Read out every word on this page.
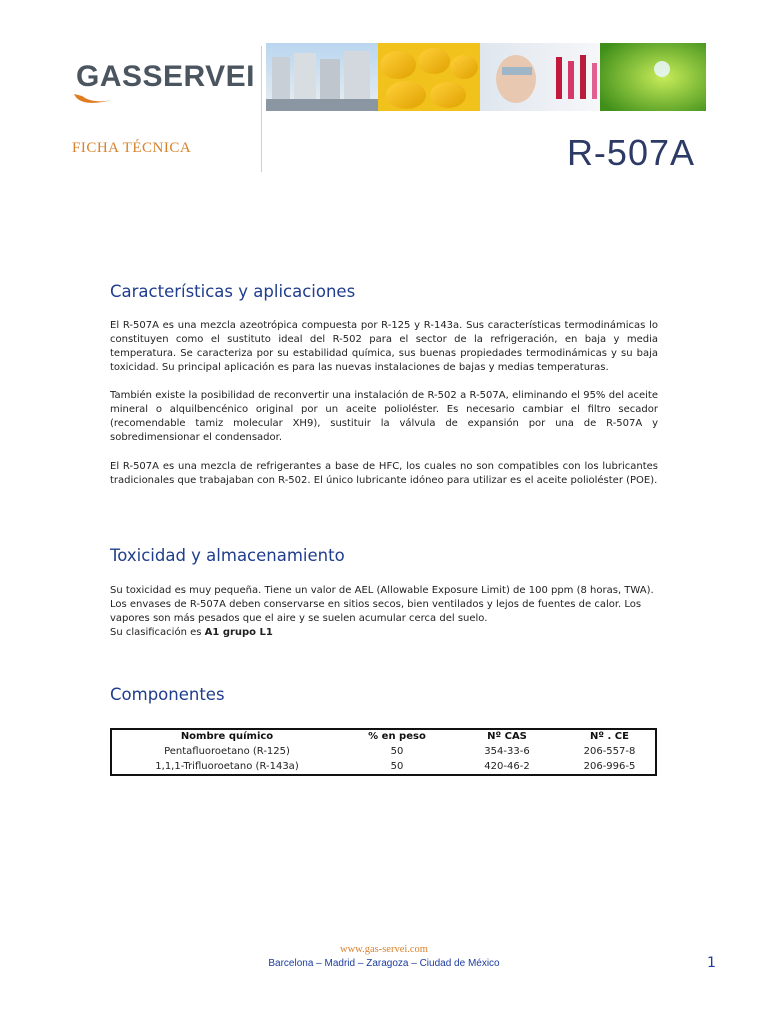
GASSERVEI
FICHA TÉCNICA	R-507A
Características y aplicaciones

El R-507A es una mezcla azeotrópica compuesta por R-125 y R-143a. Sus características termodinámicas lo constituyen como el sustituto ideal del R-502 para el sector de la refrigeración, en baja y media temperatura. Se caracteriza por su estabilidad química, sus buenas propiedades termodinámicas y su baja toxicidad. Su principal aplicación es para las nuevas instalaciones de bajas y medias temperaturas.

También existe la posibilidad de reconvertir una instalación de R-502 a R-507A, eliminando el 95% del aceite mineral o alquilbencénico original por un aceite polioléster. Es necesario cambiar el filtro secador (recomendable tamiz molecular XH9), sustituir la válvula de expansión por una de R-507A y sobredimensionar el condensador.

El R-507A es una mezcla de refrigerantes a base de HFC, los cuales no son compatibles con los lubricantes tradicionales que trabajaban con R-502. El único lubricante idóneo para utilizar es el aceite polioléster (POE).

Toxicidad y almacenamiento
Su toxicidad es muy pequeña. Tiene un valor de AEL (Allowable Exposure Limit) de 100 ppm (8 horas, TWA).
Los envases de R-507A deben conservarse en sitios secos, bien ventilados y lejos de fuentes de calor. Los
vapores son más pesados que el aire y se suelen acumular cerca del suelo.
Su clasificación es A1 grupo L1
Componentes
Nombre químico	% en peso	Nº CAS	Nº . CE
Pentafluoroetano (R-125)	50	354-33-6	206-557-8
1,1,1-Trifluoroetano (R-143a)	50	420-46-2	206-996-5
www.gas-servei.com
Barcelona – Madrid – Zaragoza – Ciudad de México	1
